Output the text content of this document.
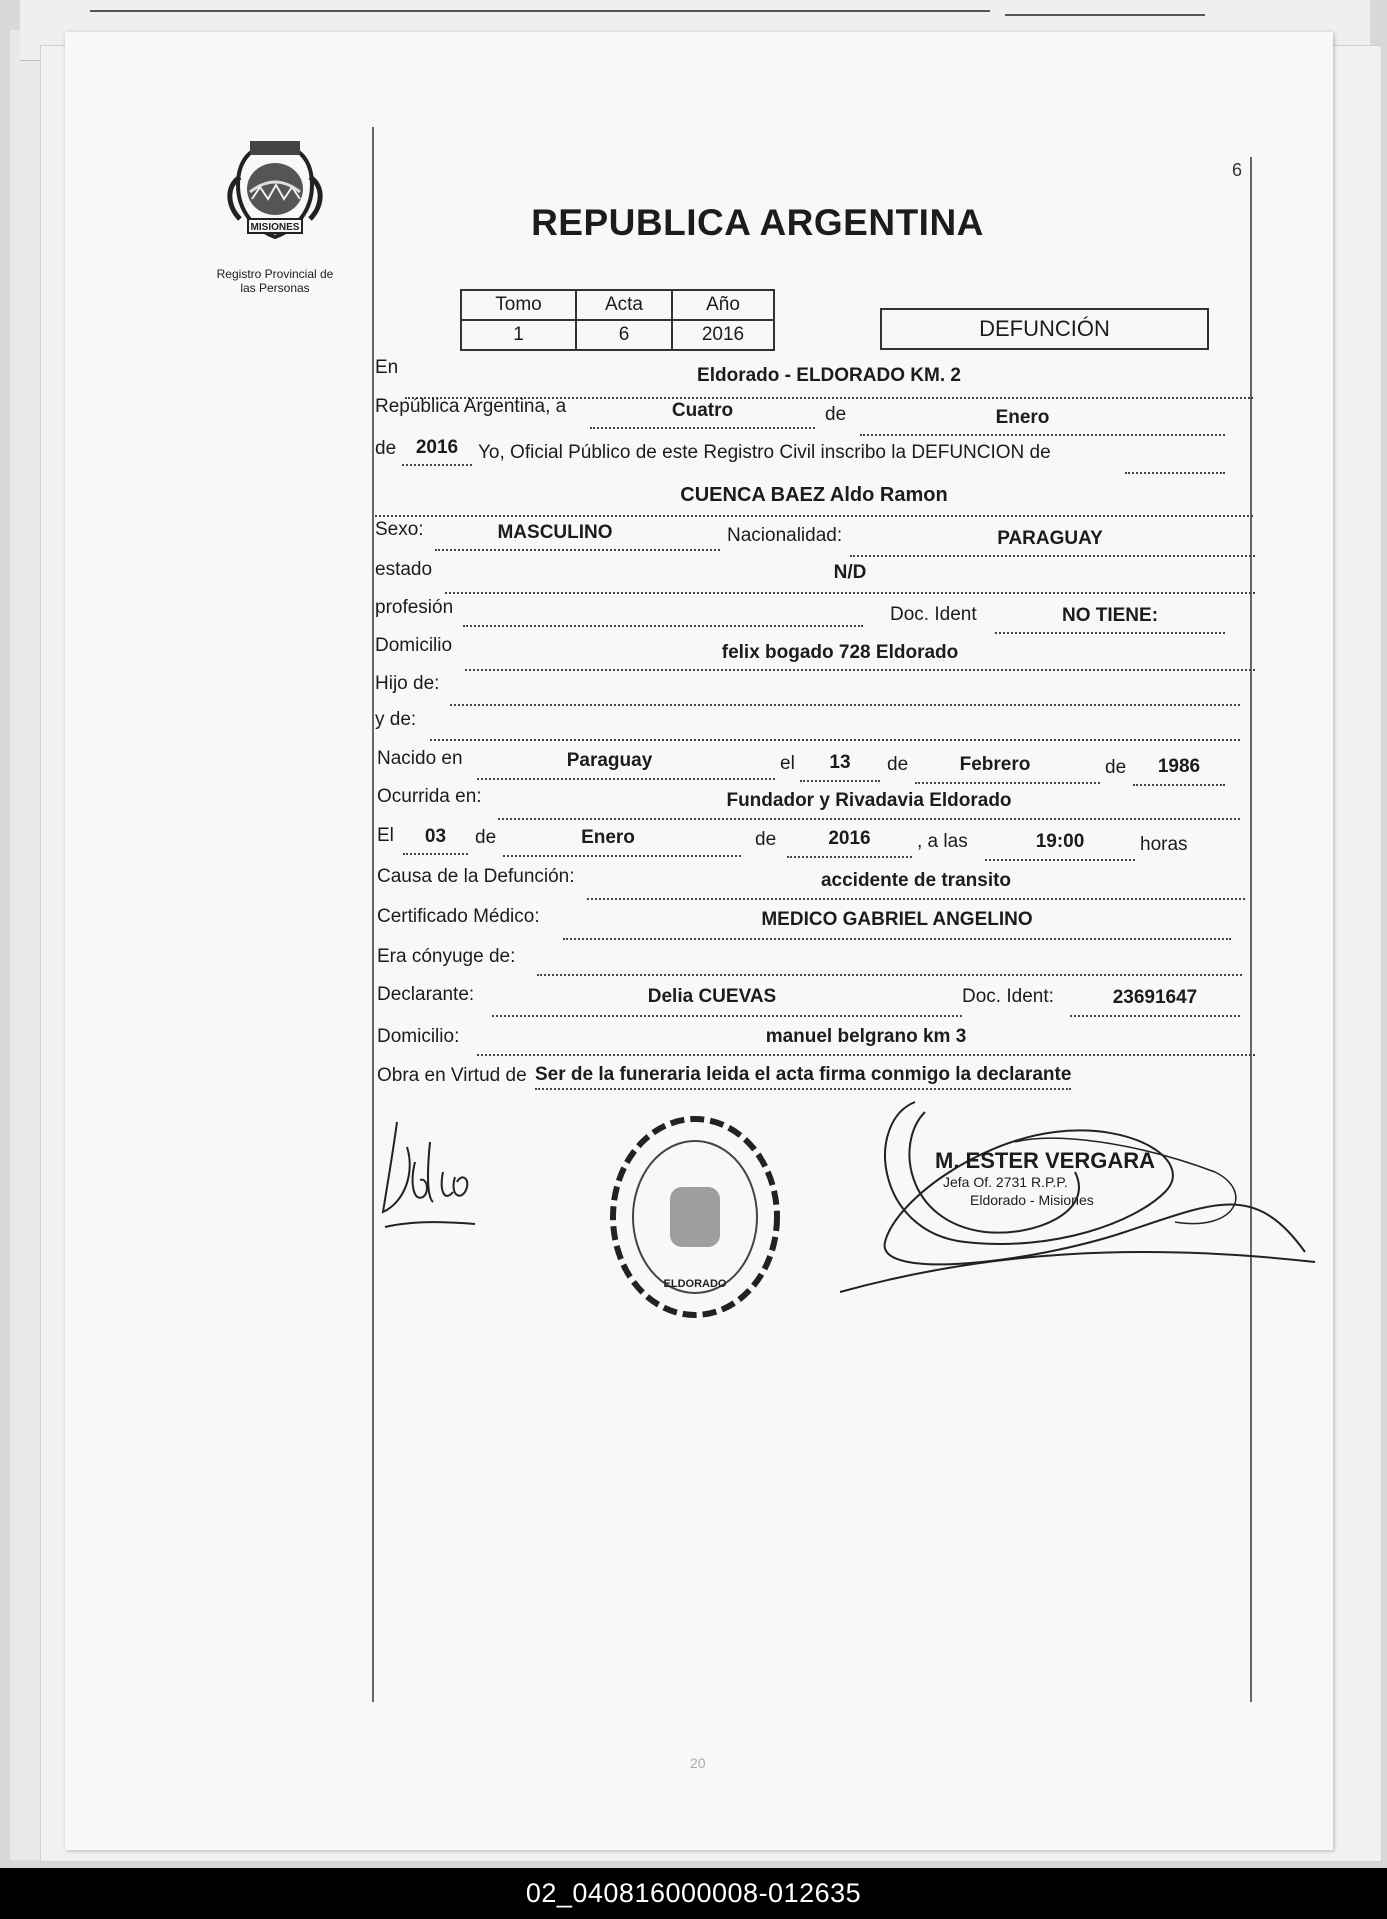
MISIONES
Registro Provincial de
las Personas
6
REPUBLICA ARGENTINA
Tomo	Acta	Año
1	6	2016	DEFUNCIÓN
En	Eldorado - ELDORADO KM. 2
República Argentina, a	Cuatro	de	Enero
de	2016	Yo, Oficial Público de este Registro Civil inscribo la DEFUNCION de
CUENCA BAEZ Aldo Ramon
Sexo:	MASCULINO	Nacionalidad:	PARAGUAY
estado	N/D
profesión	Doc. Ident	NO TIENE:
Domicilio	felix bogado 728 Eldorado
Hijo de:
y de:
Nacido en	Paraguay	el	13	de	Febrero	de	1986
Ocurrida en:	Fundador y Rivadavia Eldorado
El	03	de	Enero	de	2016	, a las	19:00	horas
Causa de la Defunción:	accidente de transito
Certificado Médico:	MEDICO GABRIEL ANGELINO
Era cónyuge de:
Declarante:	Delia CUEVAS	Doc. Ident:	23691647
Domicilio:	manuel belgrano km 3
Obra en Virtud de Ser de la funeraria leida el acta firma conmigo la declarante
ELDORADO
M. ESTER VERGARA
Jefa Of. 2731 R.P.P.
Eldorado - Misiones
20
02_040816000008-012635
